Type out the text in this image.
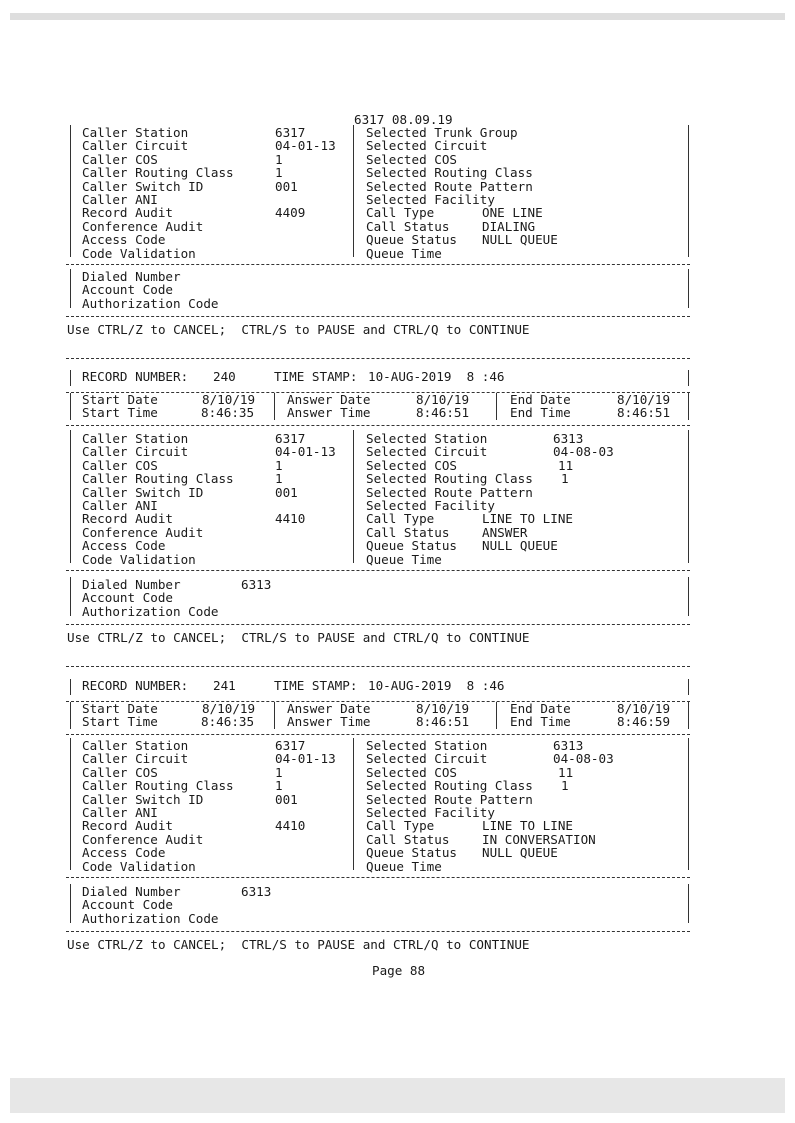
6317 08.09.19
Caller Station	6317	Selected Trunk Group
Caller Circuit	04-01-13 Selected Circuit
Caller COS	1	Selected COS
Caller Routing Class	1	Selected Routing Class
Caller Switch ID	001	Selected Route Pattern
Caller ANI	Selected Facility
Record Audit	4409	Call Type	ONE LINE
Conference Audit	Call Status	DIALING
Access Code	Queue Status NULL QUEUE
Code Validation	Queue Time
Dialed Number
Account Code
Authorization Code
Use CTRL/Z to CANCEL;  CTRL/S to PAUSE and CTRL/Q to CONTINUE
RECORD NUMBER: 240	TIME STAMP: 10-AUG-2019  8 :46
Start Date	8/10/19	Answer Date	8/10/19	End Date	8/10/19
Start Time	8:46:35	Answer Time	8:46:51	End Time	8:46:51
Caller Station	6317	Selected Station	6313
Caller Circuit	04-01-13 Selected Circuit	04-08-03
Caller COS	1	Selected COS	11
Caller Routing Class	1	Selected Routing Class 1
Caller Switch ID	001	Selected Route Pattern
Caller ANI	Selected Facility
Record Audit	4410	Call Type	LINE TO LINE
Conference Audit	Call Status	ANSWER
Access Code	Queue Status NULL QUEUE
Code Validation	Queue Time
Dialed Number	6313
Account Code
Authorization Code
Use CTRL/Z to CANCEL;  CTRL/S to PAUSE and CTRL/Q to CONTINUE
RECORD NUMBER: 241	TIME STAMP: 10-AUG-2019  8 :46
Start Date	8/10/19	Answer Date	8/10/19	End Date	8/10/19
Start Time	8:46:35	Answer Time	8:46:51	End Time	8:46:59
Caller Station	6317	Selected Station	6313
Caller Circuit	04-01-13 Selected Circuit	04-08-03
Caller COS	1	Selected COS	11
Caller Routing Class	1	Selected Routing Class 1
Caller Switch ID	001	Selected Route Pattern
Caller ANI	Selected Facility
Record Audit	4410	Call Type	LINE TO LINE
Conference Audit	Call Status	IN CONVERSATION
Access Code	Queue Status NULL QUEUE
Code Validation	Queue Time
Dialed Number	6313
Account Code
Authorization Code
Use CTRL/Z to CANCEL;  CTRL/S to PAUSE and CTRL/Q to CONTINUE
Page 88
